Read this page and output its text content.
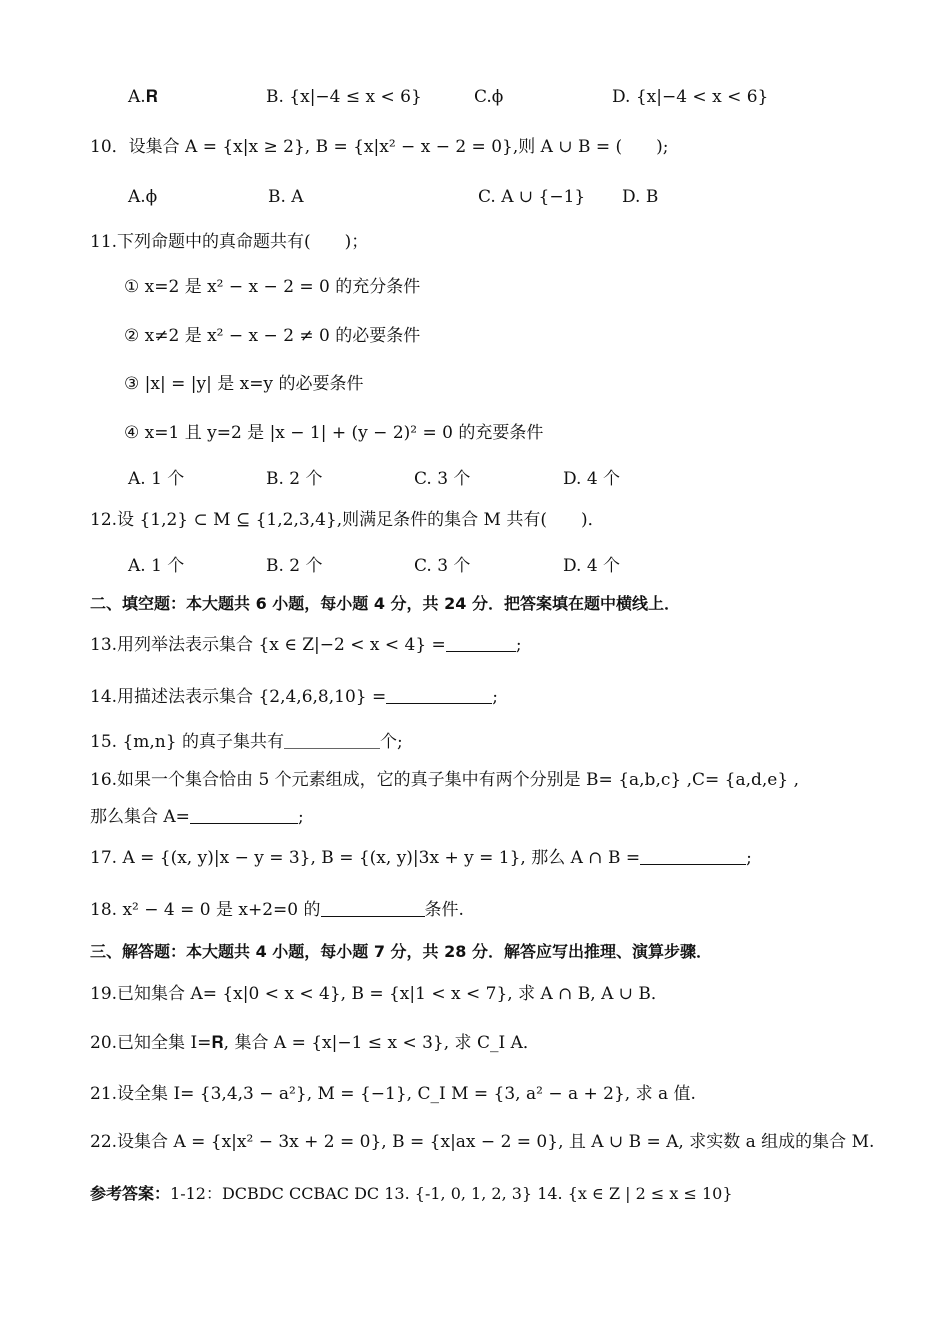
A.𝐑	B. {x|−4 ≤ x < 6}	C.ϕ	D. {x|−4 < x < 6}
10．设集合 A = {x|x ≥ 2}, B = {x|x² − x − 2 = 0},则 A ∪ B = (　　);
A.ϕ	B. A	C. A ∪ {−1} D. B
11.下列命题中的真命题共有(　　)；
① x=2 是 x² − x − 2 = 0 的充分条件
② x≠2 是 x² − x − 2 ≠ 0 的必要条件
③ |x| = |y| 是 x=y 的必要条件
④ x=1 且 y=2 是 |x − 1| + (y − 2)² = 0 的充要条件
A. 1 个	B. 2 个	C. 3 个	D. 4 个
12.设 {1,2} ⊂ M ⊆ {1,2,3,4},则满足条件的集合 M 共有(　　)．
A. 1 个	B. 2 个	C. 3 个	D. 4 个
二、填空题：本大题共 6 小题，每小题 4 分，共 24 分．把答案填在题中横线上．
13.用列举法表示集合 {x ∈ Z|−2 < x < 4} =	;
14.用描述法表示集合 {2,4,6,8,10} =	;
15. {m,n} 的真子集共有	个;
16.如果一个集合恰由 5 个元素组成，它的真子集中有两个分别是 B= {a,b,c} ,C= {a,d,e} ,
那么集合 A=	;
17. A = {(x, y)|x − y = 3}, B = {(x, y)|3x + y = 1}, 那么 A ∩ B =	;
18. x² − 4 = 0 是 x+2=0 的	条件.
三、解答题：本大题共 4 小题，每小题 7 分，共 28 分．解答应写出推理、演算步骤．
19.已知集合 A= {x|0 < x < 4}, B = {x|1 < x < 7}, 求 A ∩ B, A ∪ B．
20.已知全集 I=𝐑, 集合 A = {x|−1 ≤ x < 3}, 求 C_I A．
21.设全集 I= {3,4,3 − a²}, M = {−1}, C_I M = {3, a² − a + 2}, 求 a 值.
22.设集合 A = {x|x² − 3x + 2 = 0}, B = {x|ax − 2 = 0}, 且 A ∪ B = A, 求实数 a 组成的集合 M.
参考答案：1-12：DCBDC CCBAC DC 13. {-1, 0, 1, 2, 3} 14. {x ∈ Z | 2 ≤ x ≤ 10}
